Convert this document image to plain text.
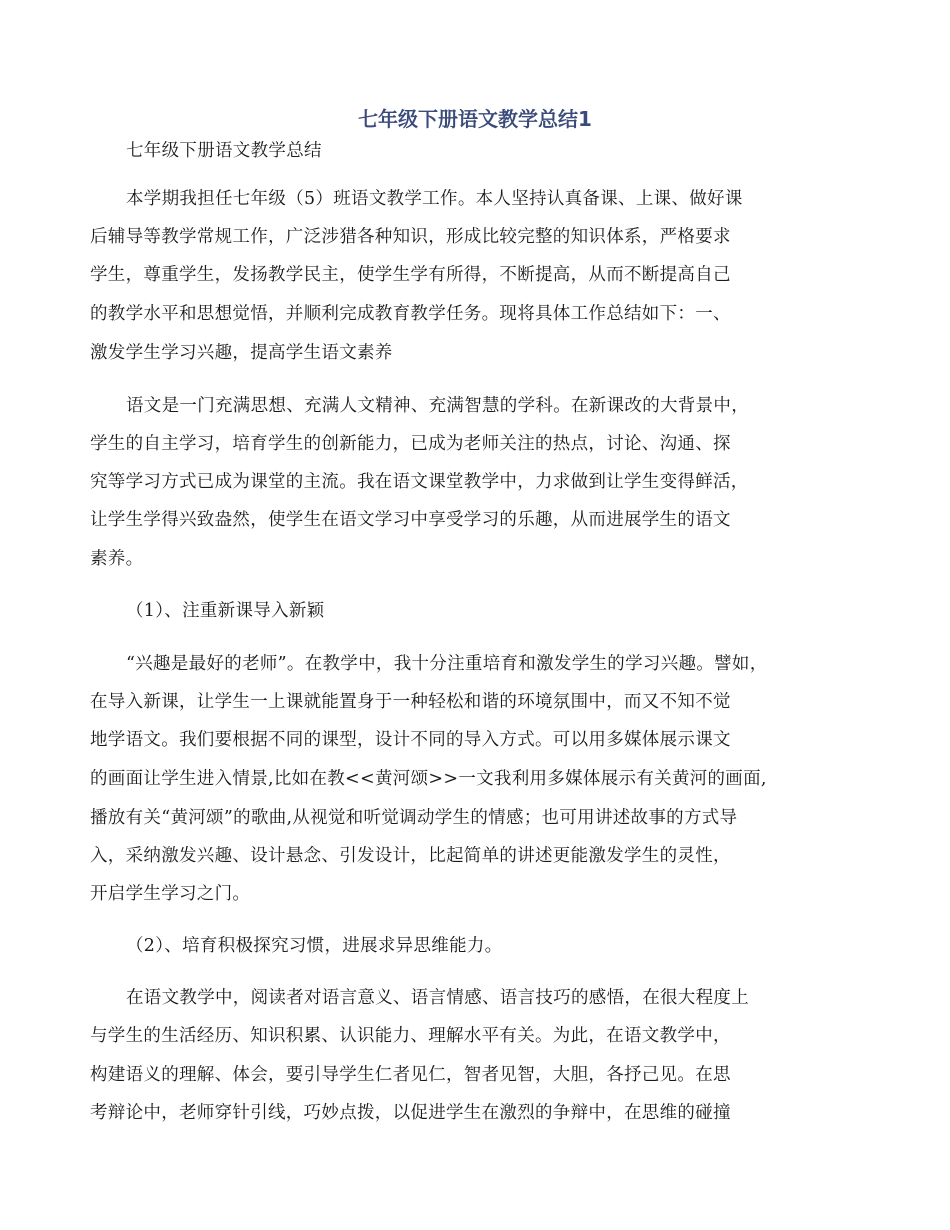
七年级下册语文教学总结1
七年级下册语文教学总结
本学期我担任七年级（5）班语文教学工作。本人坚持认真备课、上课、做好课
后辅导等教学常规工作，广泛涉猎各种知识，形成比较完整的知识体系，严格要求
学生，尊重学生，发扬教学民主，使学生学有所得，不断提高，从而不断提高自己
的教学水平和思想觉悟，并顺利完成教育教学任务。现将具体工作总结如下：一、
激发学生学习兴趣，提高学生语文素养
语文是一门充满思想、充满人文精神、充满智慧的学科。在新课改的大背景中，
学生的自主学习，培育学生的创新能力，已成为老师关注的热点，讨论、沟通、探
究等学习方式已成为课堂的主流。我在语文课堂教学中，力求做到让学生变得鲜活，
让学生学得兴致盎然，使学生在语文学习中享受学习的乐趣，从而进展学生的语文
素养。
（1）、注重新课导入新颖
“兴趣是最好的老师”。在教学中，我十分注重培育和激发学生的学习兴趣。譬如，
在导入新课，让学生一上课就能置身于一种轻松和谐的环境氛围中，而又不知不觉
地学语文。我们要根据不同的课型，设计不同的导入方式。可以用多媒体展示课文
的画面让学生进入情景,比如在教<<黄河颂>>一文我利用多媒体展示有关黄河的画面,
播放有关“黄河颂”的歌曲,从视觉和听觉调动学生的情感；也可用讲述故事的方式导
入，采纳激发兴趣、设计悬念、引发设计，比起简单的讲述更能激发学生的灵性，
开启学生学习之门。
（2）、培育积极探究习惯，进展求异思维能力。
在语文教学中，阅读者对语言意义、语言情感、语言技巧的感悟，在很大程度上
与学生的生活经历、知识积累、认识能力、理解水平有关。为此，在语文教学中，
构建语义的理解、体会，要引导学生仁者见仁，智者见智，大胆，各抒己见。在思
考辩论中，老师穿针引线，巧妙点拨，以促进学生在激烈的争辩中，在思维的碰撞
